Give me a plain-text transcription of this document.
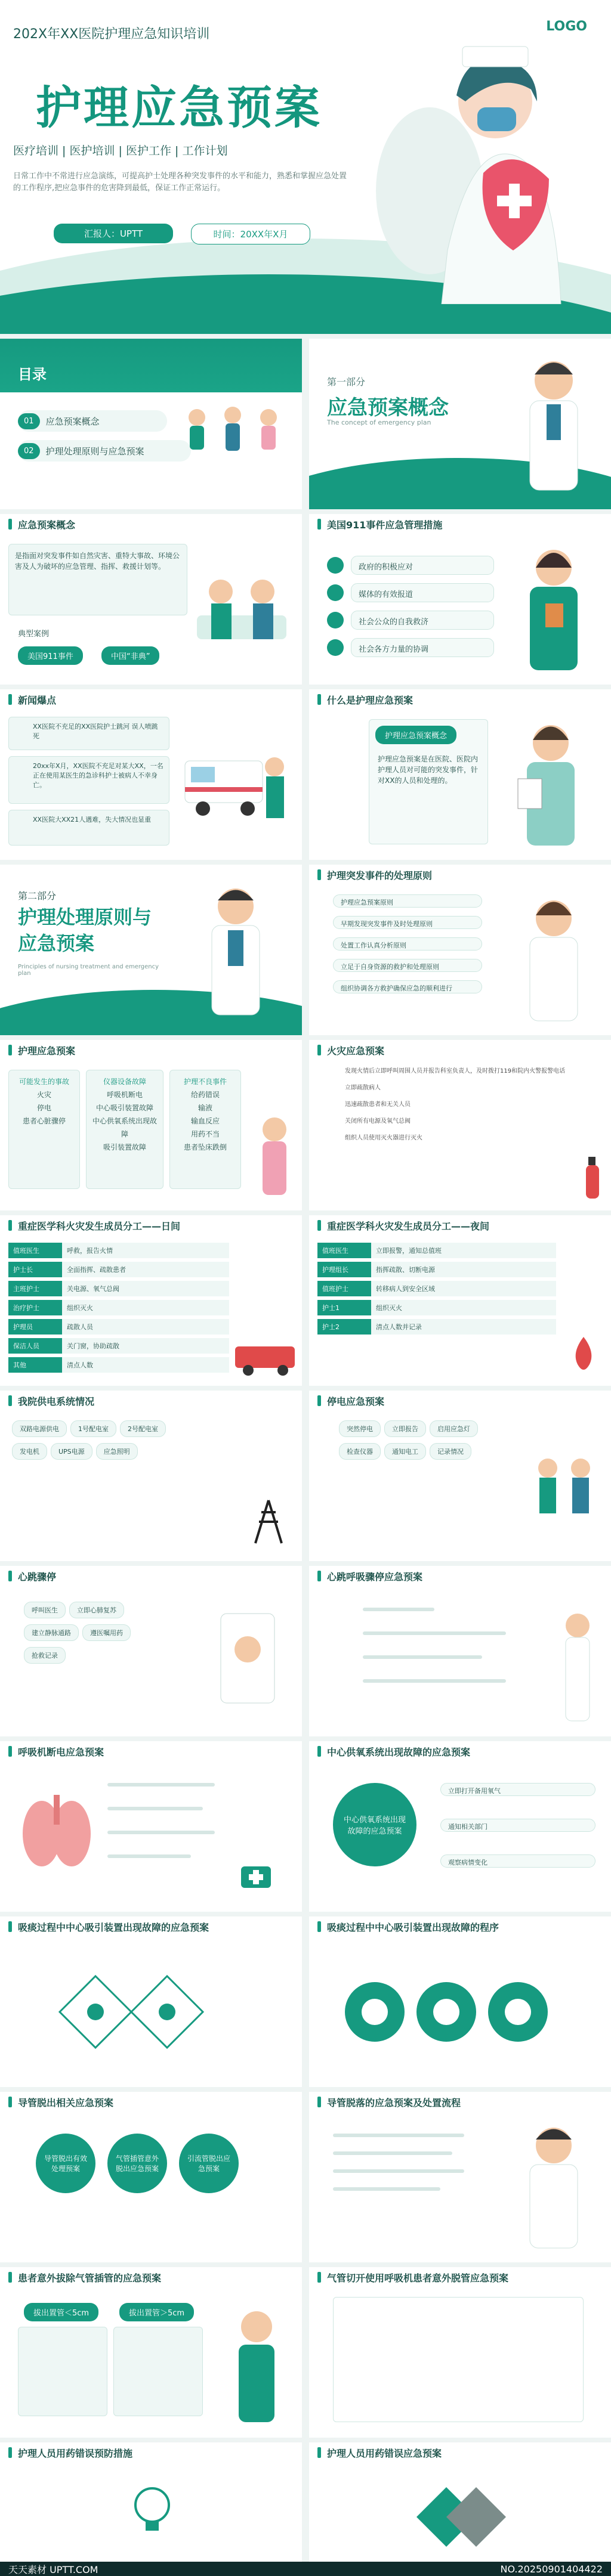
202X年XX医院护理应急知识培训
LOGO
护理应急预案
医疗培训 | 医护培训 | 医护工作 | 工作计划
日常工作中不常进行应急演练，可提高护士处理各种突发事件的水平和能力，熟悉和掌握应急处置的工作程序,把应急事件的危害降到最低，保证工作正常运行。
汇报人：UPTT	时间：20XX年X月
目录
01	应急预案概念
02	护理处理原则与应急预案
第一部分
应急预案概念
The concept of emergency plan
应急预案概念
是指面对突发事件如自然灾害、重特大事故、环境公害及人为破坏的应急管理、指挥、救援计划等。
典型案例
美国911事件	中国“非典”
美国911事件应急管理措施
政府的积极应对
媒体的有效报道
社会公众的自我救济
社会各方力量的协调
新闻爆点
XX医院不充足的XX医院护士跳河 误人喷跳死
20xx年X月，XX医院不充足对某大XX，一名正在使用某医生的急诊科护士被病人不幸身亡。
XX医院大XX21人遇难，失大情况也显重
什么是护理应急预案
护理应急预案概念
护理应急预案是在医院、医院内护理人员对可能的突发事件，针对XX的人员和处理的。
第二部分
护理处理原则与应急预案
Principles of nursing treatment and emergency plan
护理突发事件的处理原则
护理应急预案原则
早期发现突发事件及时处理原则
处置工作认真分析原则
立足于自身资源的救护和处理原则
组织协调各方救护确保应急的顺利进行
护理应急预案
可能发生的事故
火灾
停电
患者心脏骤停
仪器设备故障
呼吸机断电
中心吸引装置故障
中心供氧系统出现故障
吸引装置故障
护理不良事件
给药错误
输液
输血反应
用药不当
患者坠床跌倒
火灾应急预案
发现火情后立即呼叫周围人员并报告科室负责人，及时拨打119和院内火警报警电话
立即疏散病人
迅速疏散患者和无关人员
关闭所有电源及氧气总阀
组织人员使用灭火器进行灭火
重症医学科火灾发生成员分工——日间
值班医生	呼救，报告火情
护士长	全面指挥、疏散患者
主班护士	关电源、氧气总阀
治疗护士	组织灭火
护理员	疏散人员
保洁人员	关门窗，协助疏散
其他	清点人数
重症医学科火灾发生成员分工——夜间
值班医生	立即报警，通知总值班
护理组长	指挥疏散、切断电源
值班护士	转移病人到安全区域
护士1	组织灭火
护士2	清点人数并记录
我院供电系统情况
双路电源供电	1号配电室	2号配电室发电机	UPS电源	应急照明
停电应急预案
突然停电	立即报告	启用应急灯检查仪器	通知电工	记录情况
心跳骤停
呼叫医生	立即心肺复苏建立静脉通路	遵医嘱用药抢救记录
心跳呼吸骤停应急预案
呼吸机断电应急预案	中心供氧系统出现故障的应急预案
中心供氧系统出现故障的应急预案
立即打开备用氧气
通知相关部门
观察病情变化
吸痰过程中中心吸引装置出现故障的应急预案	吸痰过程中中心吸引装置出现故障的程序
导管脱出相关应急预案
导管脱出有效处理预案
气管插管意外脱出应急预案
引流管脱出应急预案
导管脱落的应急预案及处置流程
患者意外拔除气管插管的应急预案
拔出置管＜5cm	拔出置管＞5cm
气管切开使用呼吸机患者意外脱管应急预案
护理人员用药错误预防措施	护理人员用药错误应急预案
天天素材 UPTT.COM	NO.20250901404422
